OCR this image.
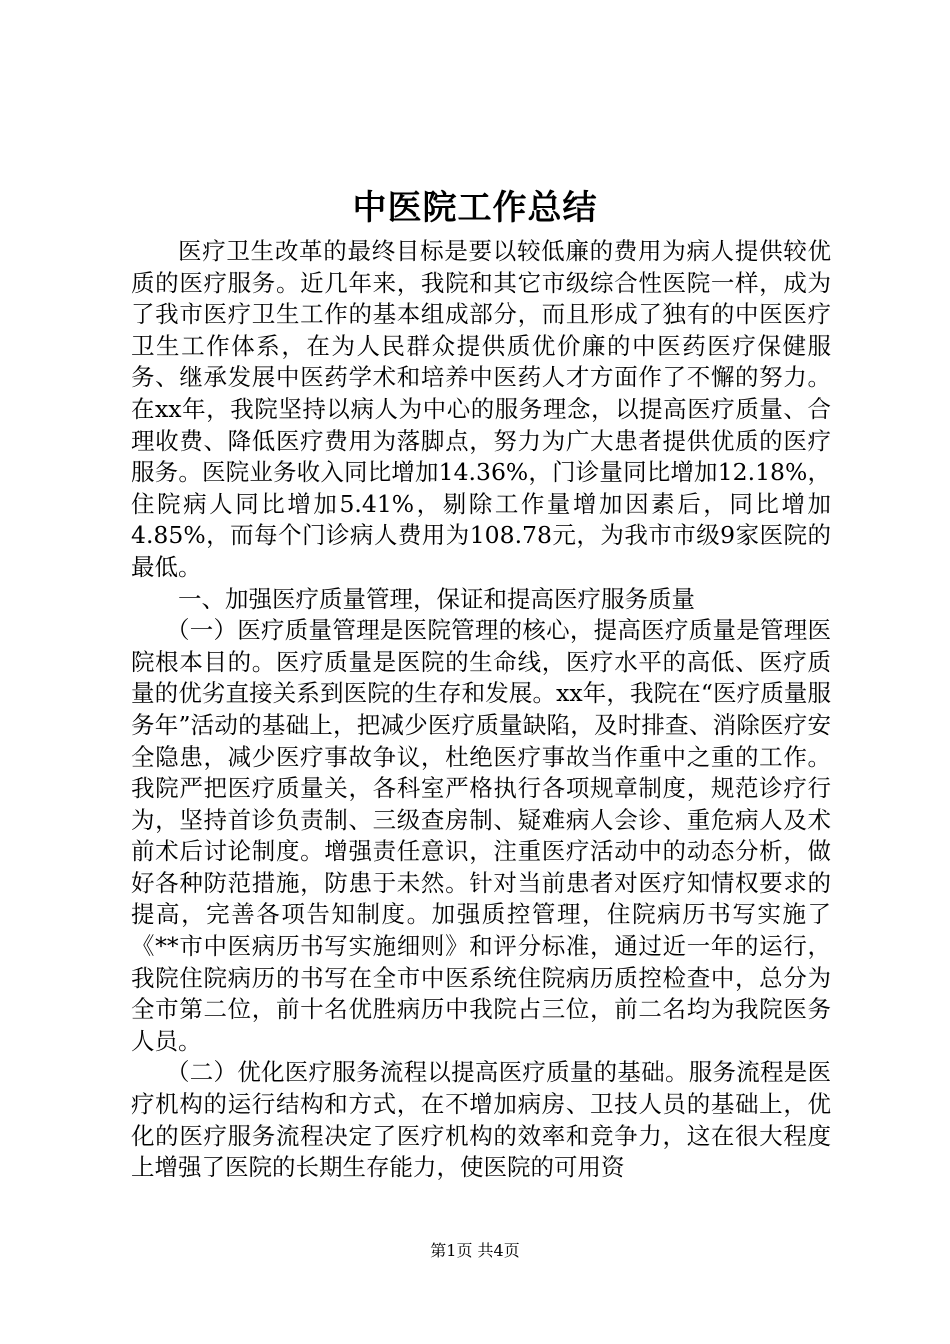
中医院工作总结

医疗卫生改革的最终目标是要以较低廉的费用为病人提供较优质的医疗服务。近几年来，我院和其它市级综合性医院一样，成为了我市医疗卫生工作的基本组成部分，而且形成了独有的中医医疗卫生工作体系，在为人民群众提供质优价廉的中医药医疗保健服务、继承发展中医药学术和培养中医药人才方面作了不懈的努力。在xx年，我院坚持以病人为中心的服务理念，以提高医疗质量、合理收费、降低医疗费用为落脚点，努力为广大患者提供优质的医疗服务。医院业务收入同比增加14.36%，门诊量同比增加12.18%，住院病人同比增加5.41%，剔除工作量增加因素后，同比增加4.85%，而每个门诊病人费用为108.78元，为我市市级9家医院的最低。

一、加强医疗质量管理，保证和提高医疗服务质量

（一）医疗质量管理是医院管理的核心，提高医疗质量是管理医院根本目的。医疗质量是医院的生命线，医疗水平的高低、医疗质量的优劣直接关系到医院的生存和发展。xx年，我院在“医疗质量服务年”活动的基础上，把减少医疗质量缺陷，及时排查、消除医疗安全隐患，减少医疗事故争议，杜绝医疗事故当作重中之重的工作。我院严把医疗质量关，各科室严格执行各项规章制度，规范诊疗行为，坚持首诊负责制、三级查房制、疑难病人会诊、重危病人及术前术后讨论制度。增强责任意识，注重医疗活动中的动态分析，做好各种防范措施，防患于未然。针对当前患者对医疗知情权要求的提高，完善各项告知制度。加强质控管理，住院病历书写实施了《**市中医病历书写实施细则》和评分标准，通过近一年的运行，我院住院病历的书写在全市中医系统住院病历质控检查中，总分为全市第二位，前十名优胜病历中我院占三位，前二名均为我院医务人员。

（二）优化医疗服务流程以提高医疗质量的基础。服务流程是医疗机构的运行结构和方式，在不增加病房、卫技人员的基础上，优化的医疗服务流程决定了医疗机构的效率和竞争力，这在很大程度上增强了医院的长期生存能力，使医院的可用资

第1页 共4页
